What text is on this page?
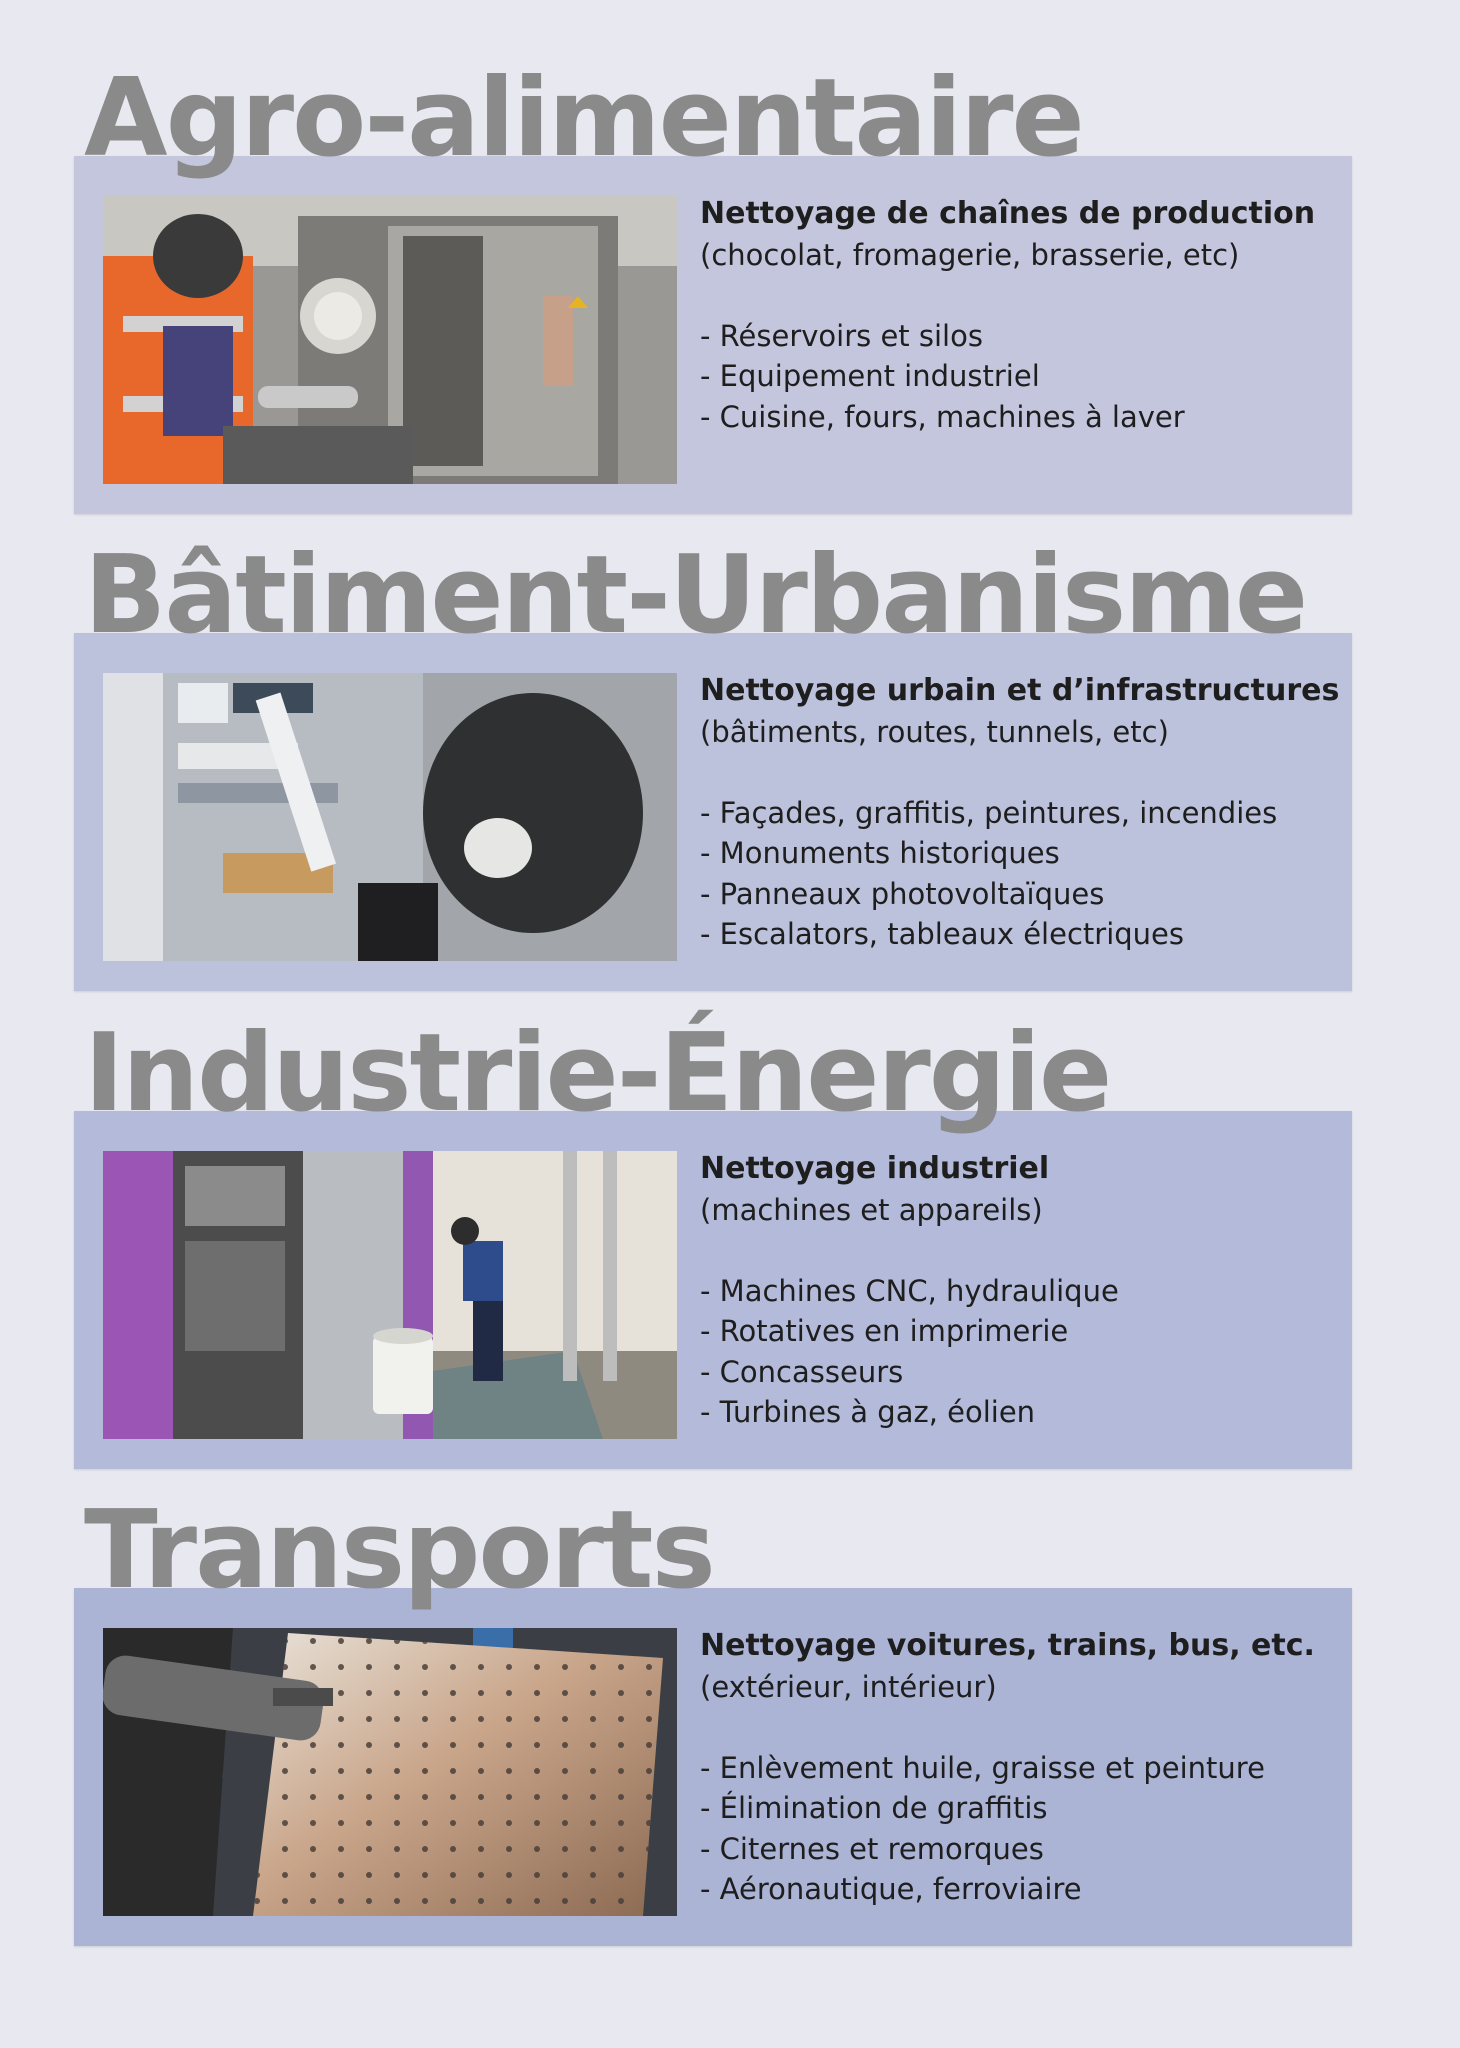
Agro-alimentaire

Nettoyage de chaînes de production

(chocolat, fromagerie, brasserie, etc)

- Réservoirs et silos
- Equipement industriel
- Cuisine, fours, machines à laver
Bâtiment-Urbanisme

Nettoyage urbain et d’infrastructures

(bâtiments, routes, tunnels, etc)

- Façades, graffitis, peintures, incendies
- Monuments historiques
- Panneaux photovoltaïques
- Escalators, tableaux électriques
Industrie-Énergie

Nettoyage industriel

(machines et appareils)

- Machines CNC, hydraulique
- Rotatives en imprimerie
- Concasseurs
- Turbines à gaz, éolien
Transports

Nettoyage voitures, trains, bus, etc.

(extérieur, intérieur)

- Enlèvement huile, graisse et peinture
- Élimination de graffitis
- Citernes et remorques
- Aéronautique, ferroviaire
